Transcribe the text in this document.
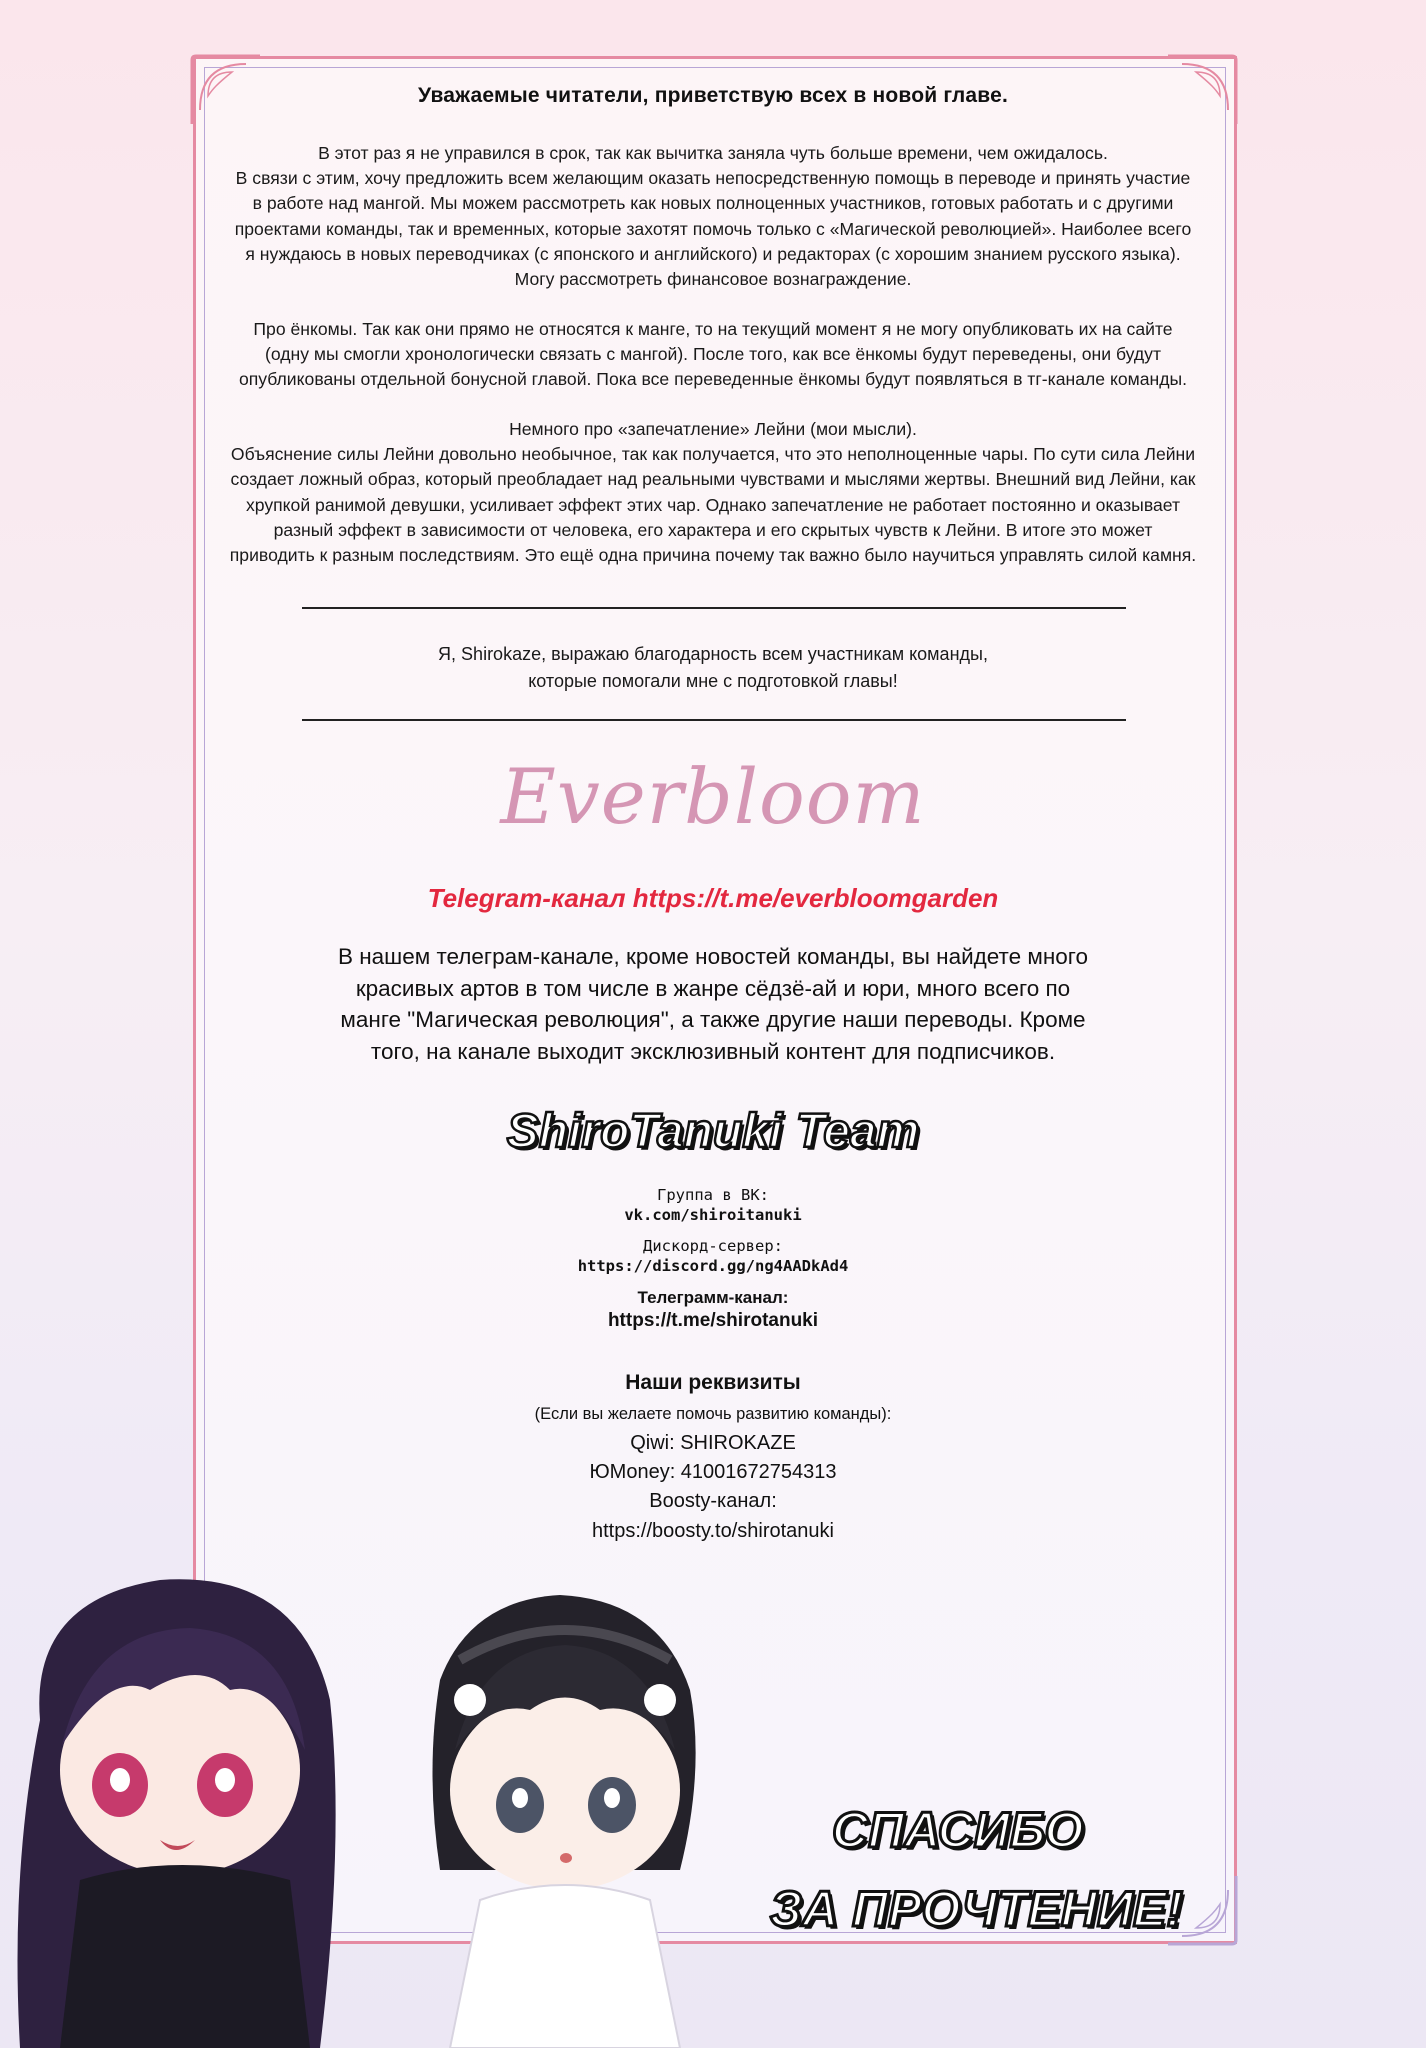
Уважаемые читатели, приветствую всех в новой главе.
В этот раз я не управился в срок, так как вычитка заняла чуть больше времени, чем ожидалось.
В связи с этим, хочу предложить всем желающим оказать непосредственную помощь в переводе и принять участие
в работе над мангой. Мы можем рассмотреть как новых полноценных участников, готовых работать и с другими
проектами команды, так и временных, которые захотят помочь только с «Магической революцией». Наиболее всего
я нуждаюсь в новых переводчиках (с японского и английского) и редакторах (с хорошим знанием русского языка).
Могу рассмотреть финансовое вознаграждение.
Про ёнкомы. Так как они прямо не относятся к манге, то на текущий момент я не могу опубликовать их на сайте
(одну мы смогли хронологически связать с мангой). После того, как все ёнкомы будут переведены, они будут
опубликованы отдельной бонусной главой. Пока все переведенные ёнкомы будут появляться в тг-канале команды.
Немного про «запечатление» Лейни (мои мысли).
Объяснение силы Лейни довольно необычное, так как получается, что это неполноценные чары. По сути сила Лейни
создает ложный образ, который преобладает над реальными чувствами и мыслями жертвы. Внешний вид Лейни, как
хрупкой ранимой девушки, усиливает эффект этих чар. Однако запечатление не работает постоянно и оказывает
разный эффект в зависимости от человека, его характера и его скрытых чувств к Лейни. В итоге это может
приводить к разным последствиям. Это ещё одна причина почему так важно было научиться управлять силой камня.
Я, Shirokaze, выражаю благодарность всем участникам команды,
которые помогали мне с подготовкой главы!
Everbloom
Telegram-канал https://t.me/everbloomgarden
В нашем телеграм-канале, кроме новостей команды, вы найдете много
красивых артов в том числе в жанре сёдзё-ай и юри, много всего по
манге "Магическая революция", а также другие наши переводы. Кроме
того, на канале выходит эксклюзивный контент для подписчиков.
ShiroTanuki Team
Группа в ВК:
vk.com/shiroitanuki
Дискорд-сервер:
https://discord.gg/ng4AADkAd4
Телеграмм-канал:
https://t.me/shirotanuki
Наши реквизиты
(Если вы желаете помочь развитию команды):
Qiwi: SHIROKAZE
ЮMoney: 41001672754313
Boosty-канал:
https://boosty.to/shirotanuki
СПАСИБО
ЗА ПРОЧТЕНИЕ!
